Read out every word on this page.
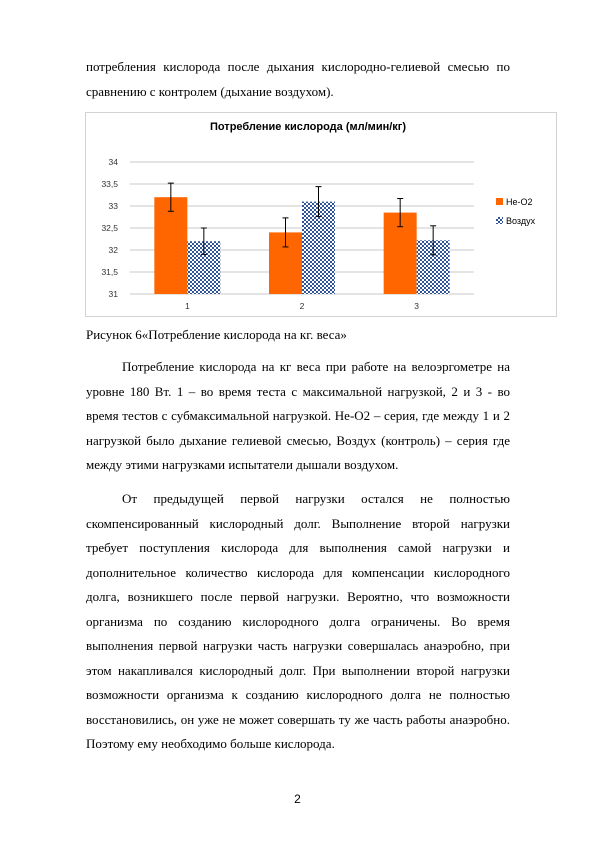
потребления кислорода после дыхания кислородно-гелиевой смесью по сравнению с контролем (дыхание воздухом).

Потребление кислорода (мл/мин/кг)
31
31,5
32
32,5
33
33,5
34
1	2	3
Не-О2
Воздух
Рисунок 6«Потребление кислорода на кг. веса»

Потребление кислорода на кг веса при работе на велоэргометре на уровне 180 Вт. 1 – во время теста с максимальной нагрузкой, 2 и 3 - во время тестов с субмаксимальной нагрузкой. Не-О2 – серия, где между 1 и 2 нагрузкой было дыхание гелиевой смесью, Воздух (контроль) – серия где между этими нагрузками испытатели дышали воздухом.

От предыдущей первой нагрузки остался не полностью скомпенсированный кислородный долг. Выполнение второй нагрузки требует поступления кислорода для выполнения самой нагрузки и дополнительное количество кислорода для компенсации кислородного долга, возникшего после первой нагрузки. Вероятно, что возможности организма по созданию кислородного долга ограничены. Во время выполнения первой нагрузки часть нагрузки совершалась анаэробно, при этом накапливался кислородный долг. При выполнении второй нагрузки возможности организма к созданию кислородного долга не полностью восстановились, он уже не может совершать ту же часть работы анаэробно. Поэтому ему необходимо больше кислорода.

2
